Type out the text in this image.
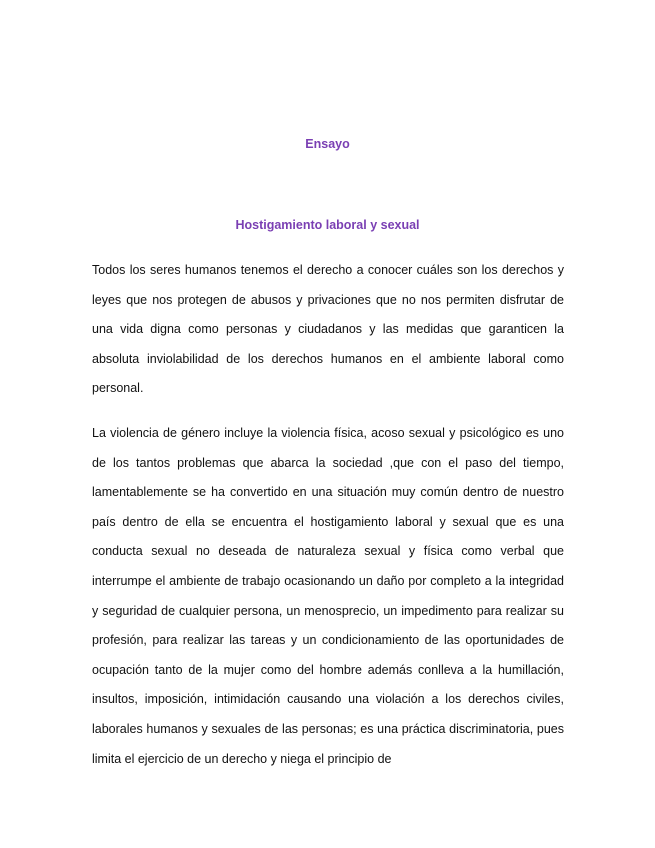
Ensayo
Hostigamiento laboral y sexual

Todos los seres humanos tenemos el derecho a conocer cuáles son los derechos y leyes que nos protegen de abusos y privaciones que no nos permiten disfrutar de una vida digna como personas y ciudadanos y las medidas que garanticen la absoluta inviolabilidad de los derechos humanos en el ambiente laboral como personal.

La violencia de género incluye la violencia física, acoso sexual y psicológico es uno de los tantos problemas que abarca la sociedad ,que con el paso del tiempo, lamentablemente se ha convertido en una situación muy común dentro de nuestro país dentro de ella se encuentra el hostigamiento laboral y sexual que es una conducta sexual no deseada de naturaleza sexual y física como verbal que interrumpe el ambiente de trabajo ocasionando un daño por completo a la integridad y seguridad de cualquier persona, un menosprecio, un impedimento para realizar su profesión, para realizar las tareas y un condicionamiento de las oportunidades de ocupación tanto de la mujer como del hombre además conlleva a la humillación, insultos, imposición, intimidación causando una violación a los derechos civiles, laborales humanos y sexuales de las personas; es una práctica discriminatoria, pues limita el ejercicio de un derecho y niega el principio de
